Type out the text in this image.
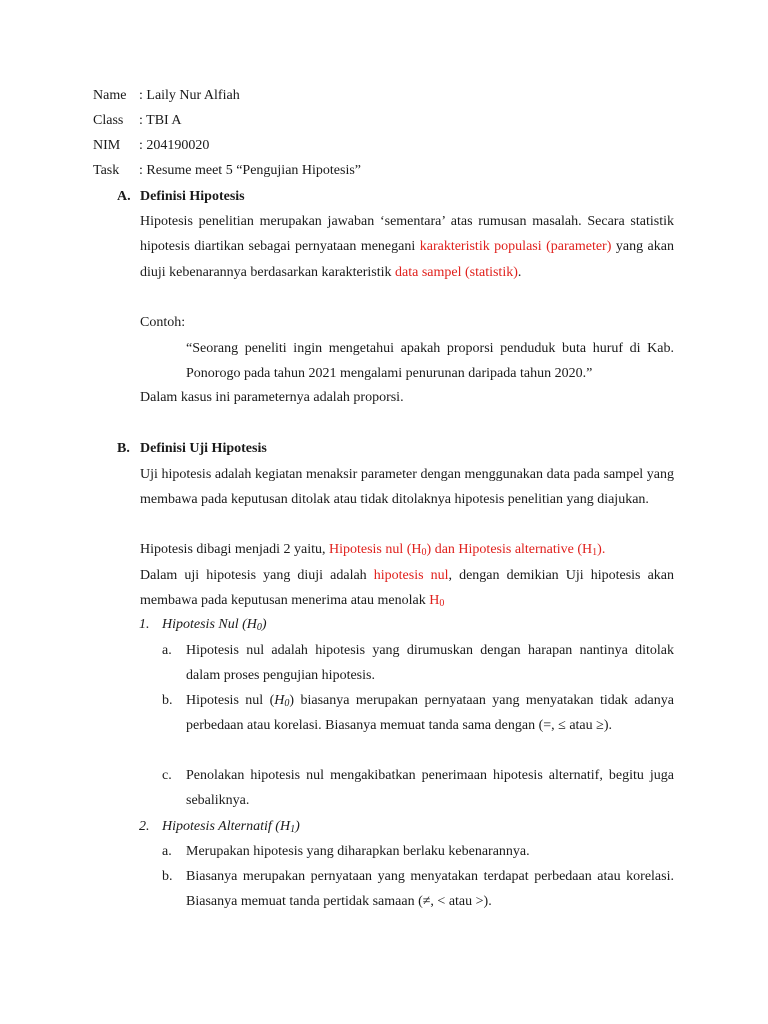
Name : Laily Nur Alfiah
Class : TBI A
NIM : 204190020
Task : Resume meet 5 “Pengujian Hipotesis”
A. Definisi Hipotesis
Hipotesis penelitian merupakan jawaban ‘sementara’ atas rumusan masalah. Secara statistik hipotesis diartikan sebagai pernyataan menegani karakteristik populasi (parameter) yang akan diuji kebenarannya berdasarkan karakteristik data sampel (statistik).
Contoh:
“Seorang peneliti ingin mengetahui apakah proporsi penduduk buta huruf di Kab. Ponorogo pada tahun 2021 mengalami penurunan daripada tahun 2020.”
Dalam kasus ini parameternya adalah proporsi.
B. Definisi Uji Hipotesis
Uji hipotesis adalah kegiatan menaksir parameter dengan menggunakan data pada sampel yang membawa pada keputusan ditolak atau tidak ditolaknya hipotesis penelitian yang diajukan.
Hipotesis dibagi menjadi 2 yaitu, Hipotesis nul $(H_0)$ dan Hipotesis alternative $(H_1)$.
Dalam uji hipotesis yang diuji adalah hipotesis nul, dengan demikian Uji hipotesis akan membawa pada keputusan menerima atau menolak $H_0$
1. Hipotesis Nul $(H_0)$
a. Hipotesis nul adalah hipotesis yang dirumuskan dengan harapan nantinya ditolak dalam proses pengujian hipotesis.
b. Hipotesis nul $(H_0)$ biasanya merupakan pernyataan yang menyatakan tidak adanya perbedaan atau korelasi. Biasanya memuat tanda sama dengan (=, ≤ atau ≥).
c. Penolakan hipotesis nul mengakibatkan penerimaan hipotesis alternatif, begitu juga sebaliknya.
2. Hipotesis Alternatif $(H_1)$
a. Merupakan hipotesis yang diharapkan berlaku kebenarannya.
b. Biasanya merupakan pernyataan yang menyatakan terdapat perbedaan atau korelasi. Biasanya memuat tanda pertidak samaan (≠, < atau >).
